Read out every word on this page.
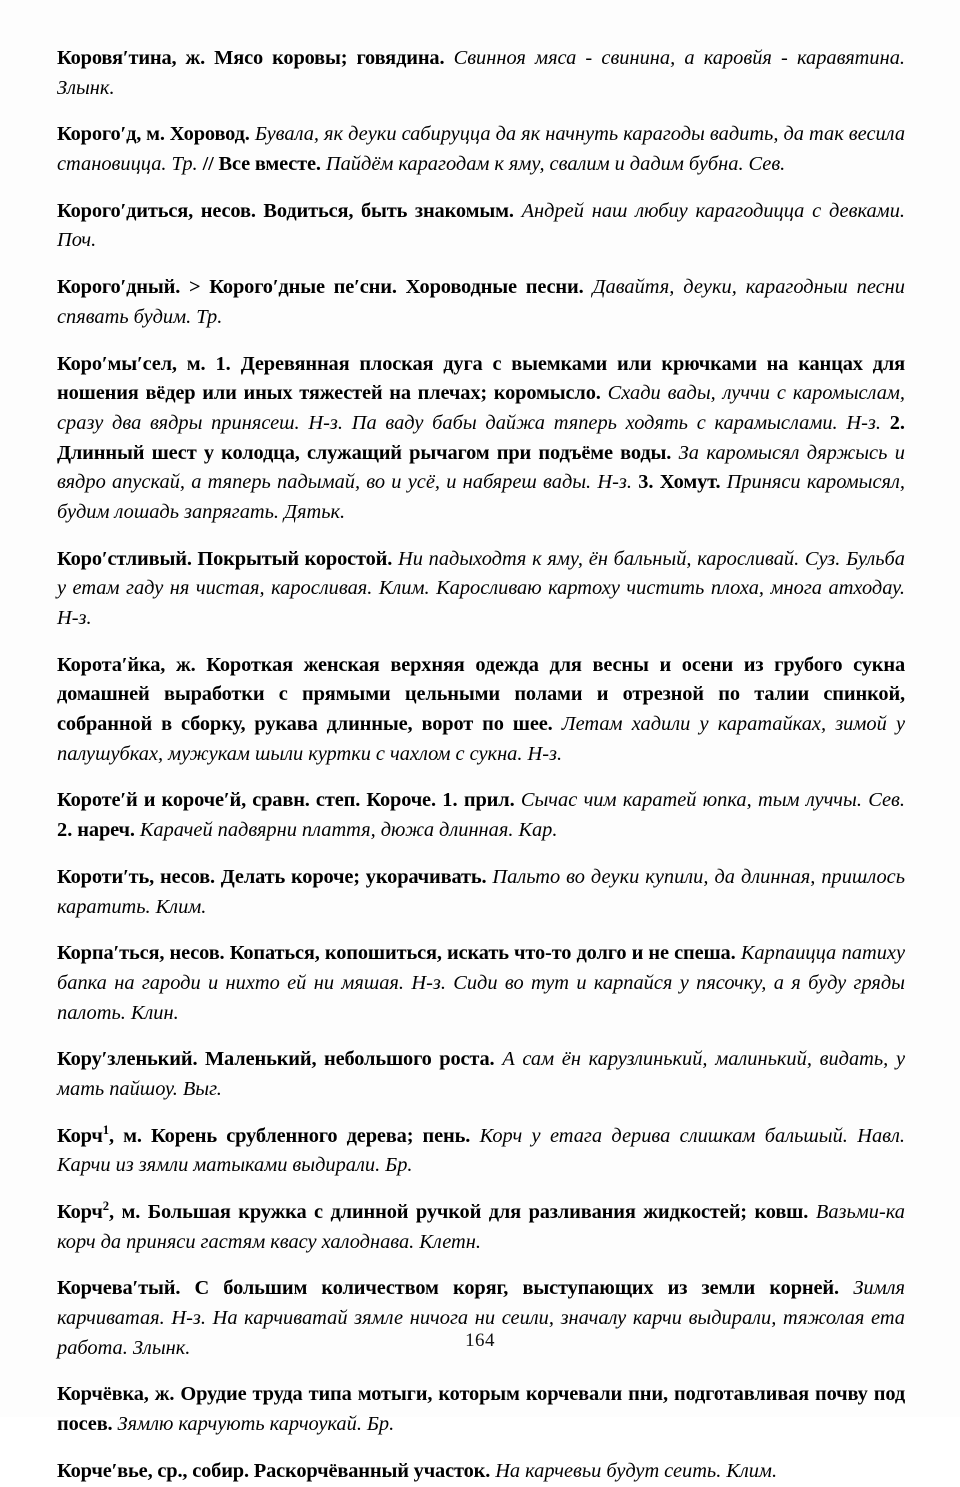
Коровя′тина, ж. Мясо коровы; говядина. Свинноя мяса - свинина, а каровйя - каравятина. Злынк.

Корого′д, м. Хоровод. Бувала, як деуки сабируцца да як начнуть карагоды вадить, да так весила становицца. Тр. // Все вместе. Пайдём карагодам к яму, свалим и дадим бубна. Сев.

Корого′диться, несов. Водиться, быть знакомым. Андрей наш любиу карагодицца с девками. Поч.

Корого′дный. > Корого′дные пе′сни. Хороводные песни. Давайтя, деуки, карагодныи песни спявать будим. Тр.

Коро′мы′сел, м. 1. Деревянная плоская дуга с выемками или крючками на канцах для ношения вёдер или иных тяжестей на плечах; коромысло. Схади вады, луччи с каромыслам, сразу два вядры принясеш. Н-з. Па ваду бабы дайжа тяперь ходять с карамыслами. Н-з. 2. Длинный шест у колодца, служащий рычагом при подъёме воды. За каромысял дяржысь и вядро апускай, а тяперь падымай, во и усё, и набяреш вады. Н-з. 3. Хомут. Приняси каромысял, будим лошадь запрягать. Дятьк.

Коро′стливый. Покрытый коростой. Ни падыходтя к яму, ён бальный, каросливай. Суз. Бульба у етам гаду ня чистая, каросливая. Клим. Каросливаю картоху чистить плоха, многа атходау. Н-з.

Корота′йка, ж. Короткая женская верхняя одежда для весны и осени из грубого сукна домашней выработки с прямыми цельными полами и отрезной по талии спинкой, собранной в сборку, рукава длинные, ворот по шее. Летам хадили у каратайках, зимой у палушубках, мужукам шыли куртки с чахлом с сукна. Н-з.

Короте′й и короче′й, сравн. степ. Короче. 1. прил. Сычас чим каратей юпка, тым луччы. Сев. 2. нареч. Карачей падвярни плаття, дюжа длинная. Кар.

Короти′ть, несов. Делать короче; укорачивать. Пальто во деуки купили, да длинная, пришлось каратить. Клим.

Корпа′ться, несов. Копаться, копошиться, искать что-то долго и не спеша. Карпаицца патиху бапка на гароди и нихто ей ни мяшая. Н-з. Сиди во тут и карпайся у пясочку, а я буду гряды палоть. Клин.

Кору′зленький. Маленький, небольшого роста. А сам ён карузлинький, малинький, видать, у мать пайшоу. Выг.

Корч$^1$, м. Корень срубленного дерева; пень. Корч у етага дерива слишкам бальшый. Навл. Карчи из зямли матыками выдирали. Бр.

Корч$^2$, м. Большая кружка с длинной ручкой для разливания жидкостей; ковш. Вазьми-ка корч да приняси гастям квасу халоднава. Клетн.

Корчева′тый. С большим количеством коряг, выступающих из земли корней. Зимля карчиватая. Н-з. На карчиватай зямле ничога ни сеили, значалу карчи выдирали, тяжолая ета работа. Злынк.

Корчёвка, ж. Орудие труда типа мотыги, которым корчевали пни, подготавливая почву под посев. Зямлю карчують карчоукай. Бр.

Корче′вье, ср., собир. Раскорчёванный участок. На карчевьи будут сеить. Клим.

164
